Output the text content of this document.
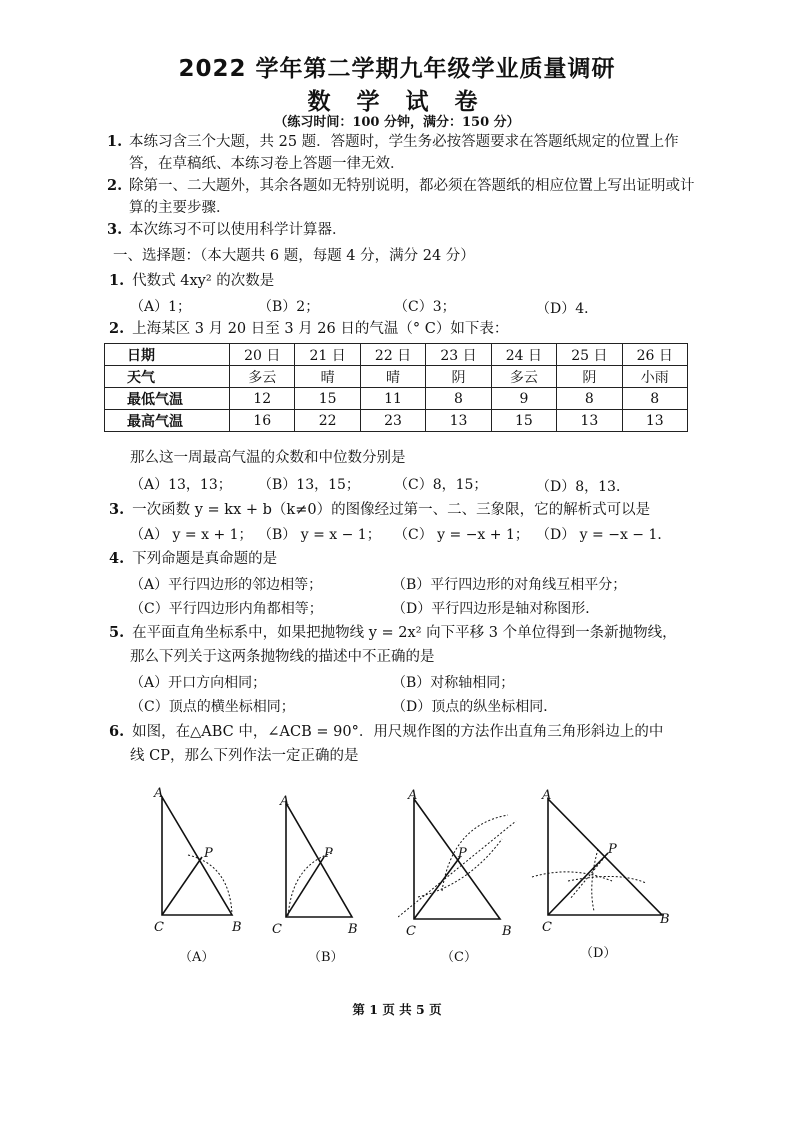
2022 学年第二学期九年级学业质量调研
数 学 试 卷
（练习时间：100 分钟，满分：150 分）
1. 本练习含三个大题，共 25 题．答题时，学生务必按答题要求在答题纸规定的位置上作答，在草稿纸、本练习卷上答题一律无效．
2. 除第一、二大题外，其余各题如无特别说明，都必须在答题纸的相应位置上写出证明或计算的主要步骤．
3. 本次练习不可以使用科学计算器．
一、选择题：（本大题共 6 题，每题 4 分，满分 24 分）
1. 代数式 4xy² 的次数是
（A）1；	（B）2；	（C）3；	（D）4．
2. 上海某区 3 月 20 日至 3 月 26 日的气温（° C）如下表：
日期	20 日	21 日	22 日	23 日	24 日	25 日	26 日
天气	多云	晴	晴	阴	多云	阴	小雨
最低气温	12	15	11	8	9	8	8
最高气温	16	22	23	13	15	13	13
那么这一周最高气温的众数和中位数分别是
（A）13，13； （B）13，15； （C）8，15；	（D）8，13．
3. 一次函数 y = kx + b（k≠0）的图像经过第一、二、三象限，它的解析式可以是
（A） y = x + 1； （B） y = x − 1； （C） y = −x + 1； （D） y = −x − 1．
4. 下列命题是真命题的是
（A）平行四边形的邻边相等；	（B）平行四边形的对角线互相平分；
（C）平行四边形内角都相等；	（D）平行四边形是轴对称图形．
5. 在平面直角坐标系中，如果把抛物线 y = 2x² 向下平移 3 个单位得到一条新抛物线，
那么下列关于这两条抛物线的描述中不正确的是
（A）开口方向相同；	（B）对称轴相同；
（C）顶点的横坐标相同；	（D）顶点的纵坐标相同．
6. 如图，在△ABC 中，∠ACB = 90°．用尺规作图的方法作出直角三角形斜边上的中
线 CP，那么下列作法一定正确的是
A
P
C	B
A
P
C	B
A
P
C	B
A
P
C
B
（A）	（B）	（C）	（D）
第 1 页 共 5 页
